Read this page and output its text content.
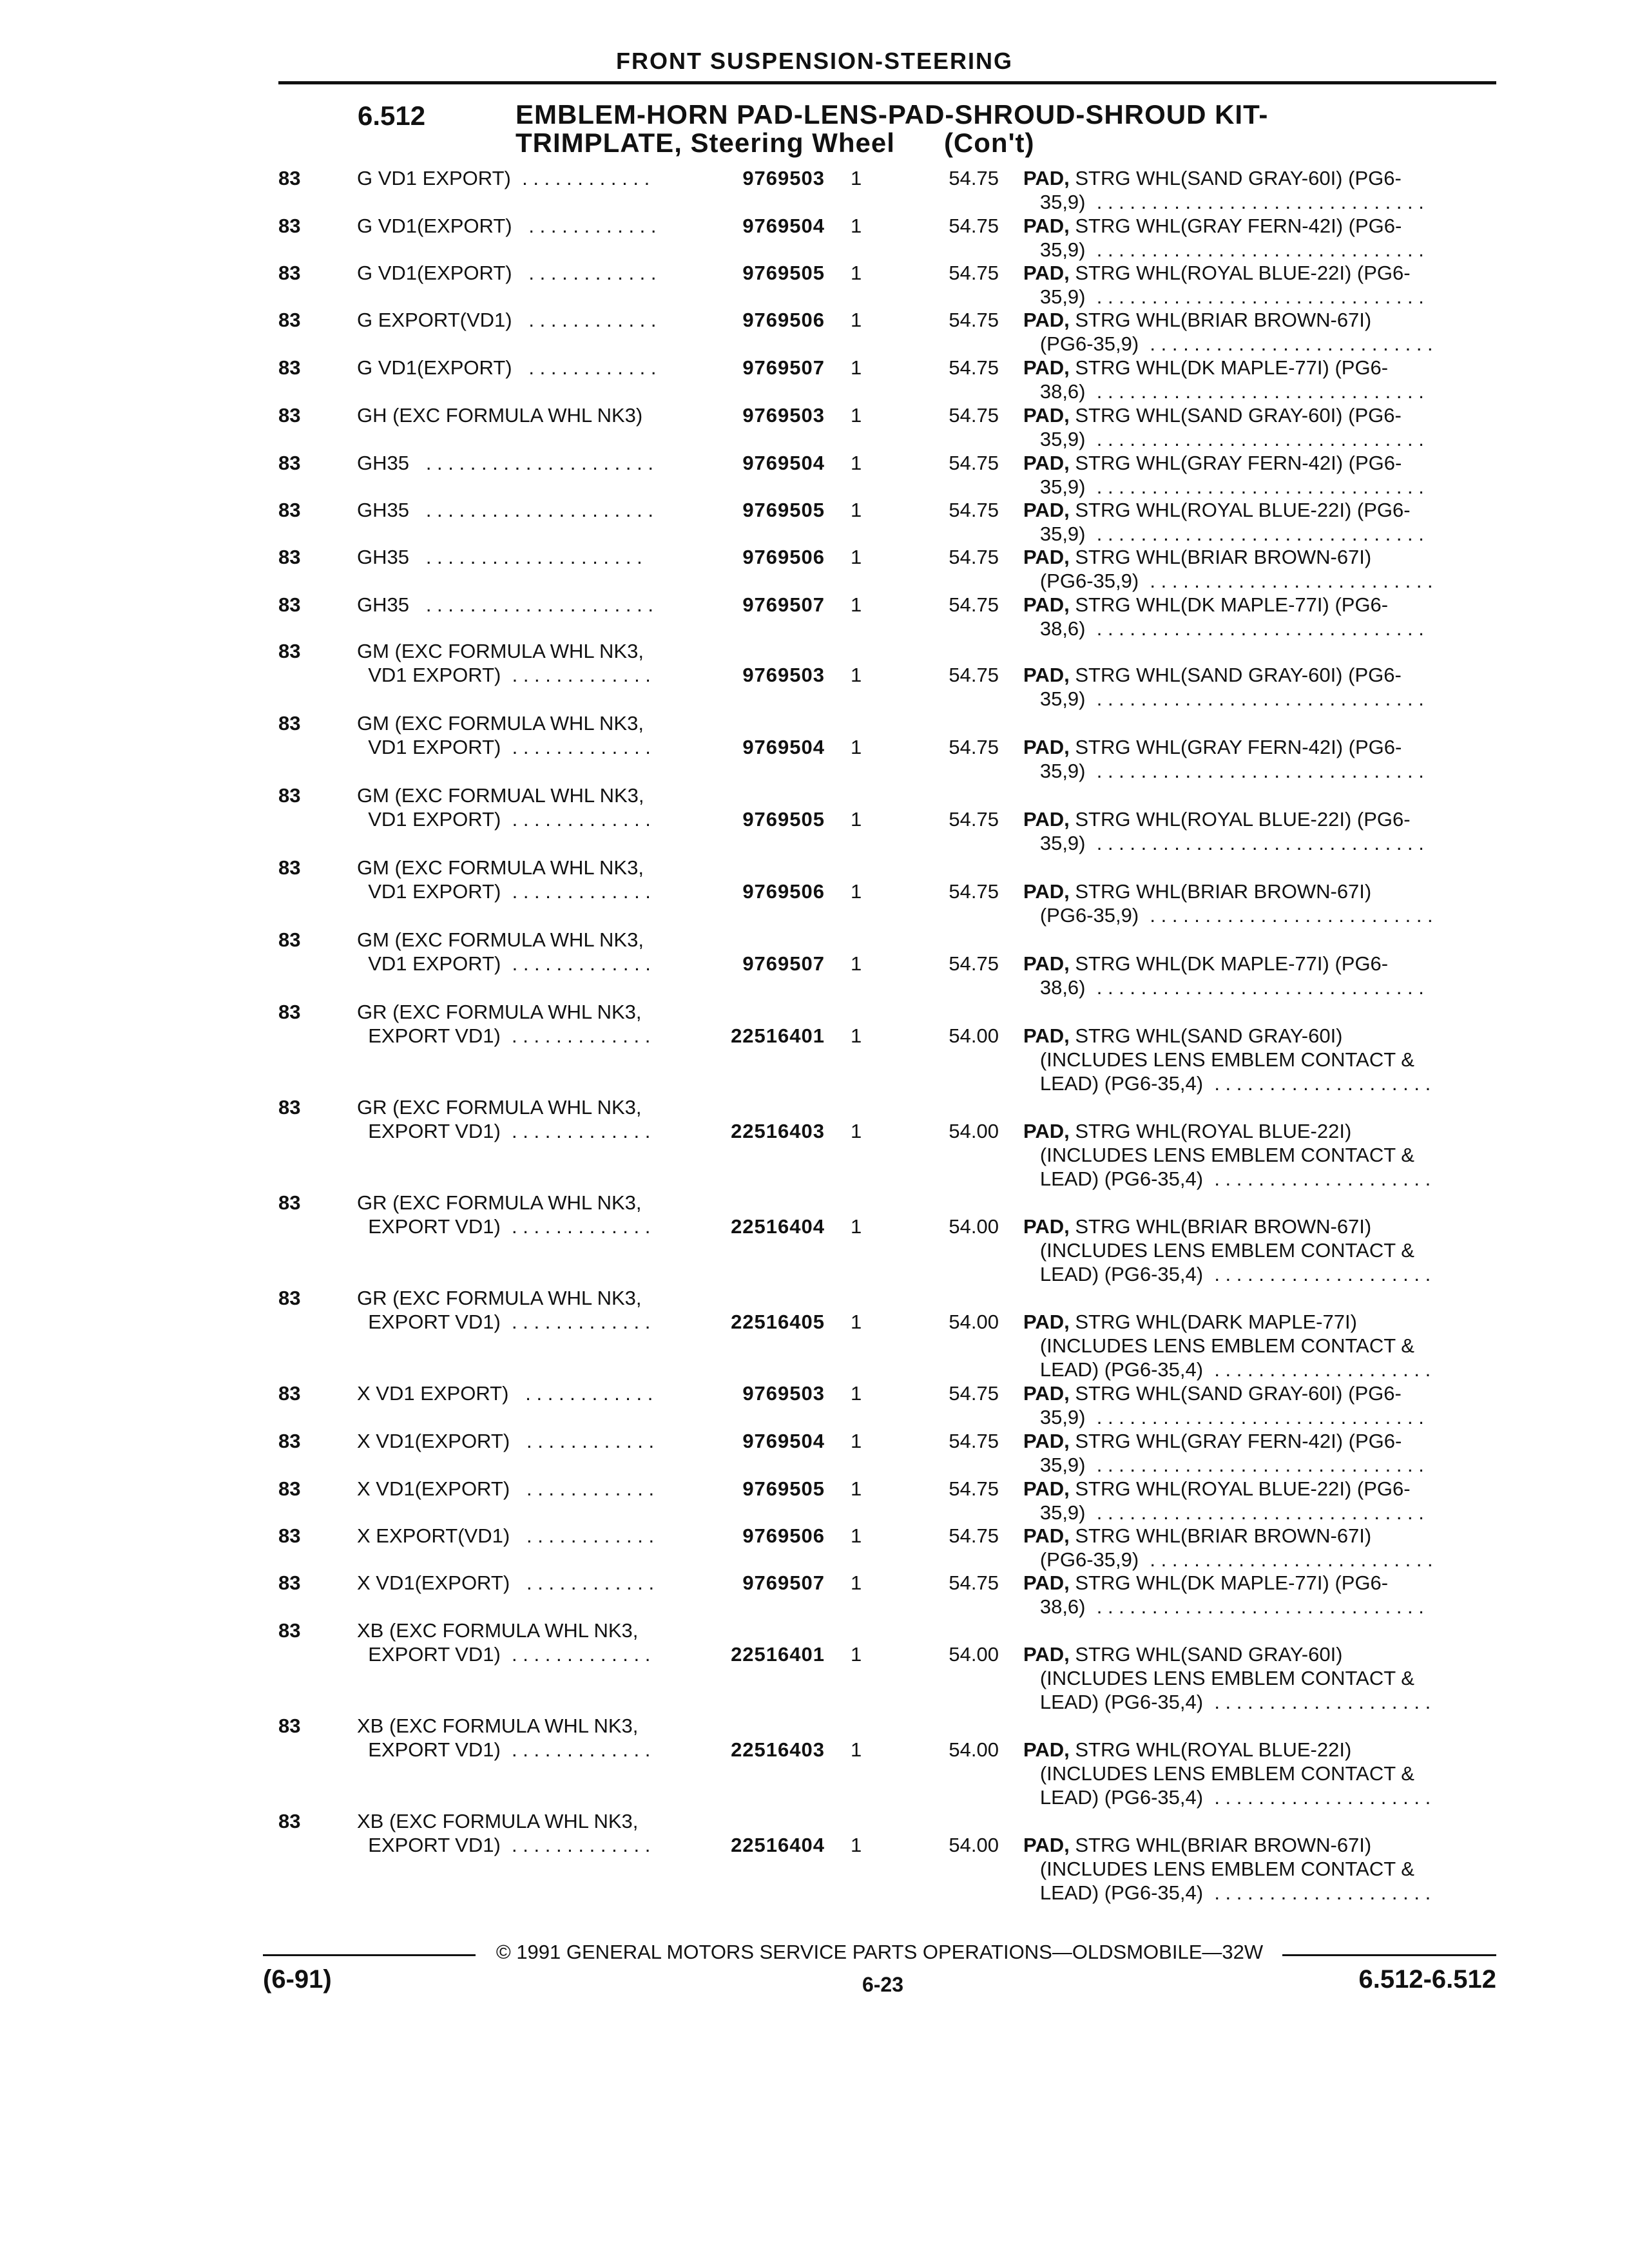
FRONT SUSPENSION-STEERING
6.512	EMBLEM-HORN PAD-LENS-PAD-SHROUD-SHROUD KIT-
TRIMPLATE, Steering Wheel      (Con't)
83	G VD1 EXPORT)  . . . . . . . . . . . .	9769503 1	54.75 PAD, STRG WHL(SAND GRAY-60I) (PG6-
35,9)  . . . . . . . . . . . . . . . . . . . . . . . . . . . . . .
83	G VD1(EXPORT)   . . . . . . . . . . . .	9769504 1	54.75 PAD, STRG WHL(GRAY FERN-42I) (PG6-
35,9)  . . . . . . . . . . . . . . . . . . . . . . . . . . . . . .
83	G VD1(EXPORT)   . . . . . . . . . . . .	9769505 1	54.75 PAD, STRG WHL(ROYAL BLUE-22I) (PG6-
35,9)  . . . . . . . . . . . . . . . . . . . . . . . . . . . . . .
83	G EXPORT(VD1)   . . . . . . . . . . . .	9769506 1	54.75 PAD, STRG WHL(BRIAR BROWN-67I)
(PG6-35,9)  . . . . . . . . . . . . . . . . . . . . . . . . . .
83	G VD1(EXPORT)   . . . . . . . . . . . .	9769507 1	54.75 PAD, STRG WHL(DK MAPLE-77I) (PG6-
38,6)  . . . . . . . . . . . . . . . . . . . . . . . . . . . . . .
83	GH (EXC FORMULA WHL NK3)	9769503 1	54.75 PAD, STRG WHL(SAND GRAY-60I) (PG6-
35,9)  . . . . . . . . . . . . . . . . . . . . . . . . . . . . . .
83	GH35   . . . . . . . . . . . . . . . . . . . . .	9769504 1	54.75 PAD, STRG WHL(GRAY FERN-42I) (PG6-
35,9)  . . . . . . . . . . . . . . . . . . . . . . . . . . . . . .
83	GH35   . . . . . . . . . . . . . . . . . . . . .	9769505 1	54.75 PAD, STRG WHL(ROYAL BLUE-22I) (PG6-
35,9)  . . . . . . . . . . . . . . . . . . . . . . . . . . . . . .
83	GH35   . . . . . . . . . . . . . . . . . . . .	9769506 1	54.75 PAD, STRG WHL(BRIAR BROWN-67I)
(PG6-35,9)  . . . . . . . . . . . . . . . . . . . . . . . . . .
83	GH35   . . . . . . . . . . . . . . . . . . . . .	9769507 1	54.75 PAD, STRG WHL(DK MAPLE-77I) (PG6-
38,6)  . . . . . . . . . . . . . . . . . . . . . . . . . . . . . .
83	GM (EXC FORMULA WHL NK3,
VD1 EXPORT)  . . . . . . . . . . . . .	9769503 1	54.75 PAD, STRG WHL(SAND GRAY-60I) (PG6-
35,9)  . . . . . . . . . . . . . . . . . . . . . . . . . . . . . .
83	GM (EXC FORMULA WHL NK3,
VD1 EXPORT)  . . . . . . . . . . . . .	9769504 1	54.75 PAD, STRG WHL(GRAY FERN-42I) (PG6-
35,9)  . . . . . . . . . . . . . . . . . . . . . . . . . . . . . .
83	GM (EXC FORMUAL WHL NK3,
VD1 EXPORT)  . . . . . . . . . . . . .	9769505 1	54.75 PAD, STRG WHL(ROYAL BLUE-22I) (PG6-
35,9)  . . . . . . . . . . . . . . . . . . . . . . . . . . . . . .
83	GM (EXC FORMULA WHL NK3,
VD1 EXPORT)  . . . . . . . . . . . . .	9769506 1	54.75 PAD, STRG WHL(BRIAR BROWN-67I)
(PG6-35,9)  . . . . . . . . . . . . . . . . . . . . . . . . . .
83	GM (EXC FORMULA WHL NK3,
VD1 EXPORT)  . . . . . . . . . . . . .	9769507 1	54.75 PAD, STRG WHL(DK MAPLE-77I) (PG6-
38,6)  . . . . . . . . . . . . . . . . . . . . . . . . . . . . . .
83	GR (EXC FORMULA WHL NK3,
EXPORT VD1)  . . . . . . . . . . . . .	22516401 1	54.00 PAD, STRG WHL(SAND GRAY-60I)
(INCLUDES LENS EMBLEM CONTACT &
LEAD) (PG6-35,4)  . . . . . . . . . . . . . . . . . . . .
83	GR (EXC FORMULA WHL NK3,
EXPORT VD1)  . . . . . . . . . . . . .	22516403 1	54.00 PAD, STRG WHL(ROYAL BLUE-22I)
(INCLUDES LENS EMBLEM CONTACT &
LEAD) (PG6-35,4)  . . . . . . . . . . . . . . . . . . . .
83	GR (EXC FORMULA WHL NK3,
EXPORT VD1)  . . . . . . . . . . . . .	22516404 1	54.00 PAD, STRG WHL(BRIAR BROWN-67I)
(INCLUDES LENS EMBLEM CONTACT &
LEAD) (PG6-35,4)  . . . . . . . . . . . . . . . . . . . .
83	GR (EXC FORMULA WHL NK3,
EXPORT VD1)  . . . . . . . . . . . . .	22516405 1	54.00 PAD, STRG WHL(DARK MAPLE-77I)
(INCLUDES LENS EMBLEM CONTACT &
LEAD) (PG6-35,4)  . . . . . . . . . . . . . . . . . . . .
83	X VD1 EXPORT)   . . . . . . . . . . . .	9769503 1	54.75 PAD, STRG WHL(SAND GRAY-60I) (PG6-
35,9)  . . . . . . . . . . . . . . . . . . . . . . . . . . . . . .
83	X VD1(EXPORT)   . . . . . . . . . . . .	9769504 1	54.75 PAD, STRG WHL(GRAY FERN-42I) (PG6-
35,9)  . . . . . . . . . . . . . . . . . . . . . . . . . . . . . .
83	X VD1(EXPORT)   . . . . . . . . . . . .	9769505 1	54.75 PAD, STRG WHL(ROYAL BLUE-22I) (PG6-
35,9)  . . . . . . . . . . . . . . . . . . . . . . . . . . . . . .
83	X EXPORT(VD1)   . . . . . . . . . . . .	9769506 1	54.75 PAD, STRG WHL(BRIAR BROWN-67I)
(PG6-35,9)  . . . . . . . . . . . . . . . . . . . . . . . . . .
83	X VD1(EXPORT)   . . . . . . . . . . . .	9769507 1	54.75 PAD, STRG WHL(DK MAPLE-77I) (PG6-
38,6)  . . . . . . . . . . . . . . . . . . . . . . . . . . . . . .
83	XB (EXC FORMULA WHL NK3,
EXPORT VD1)  . . . . . . . . . . . . .	22516401 1	54.00 PAD, STRG WHL(SAND GRAY-60I)
(INCLUDES LENS EMBLEM CONTACT &
LEAD) (PG6-35,4)  . . . . . . . . . . . . . . . . . . . .
83	XB (EXC FORMULA WHL NK3,
EXPORT VD1)  . . . . . . . . . . . . .	22516403 1	54.00 PAD, STRG WHL(ROYAL BLUE-22I)
(INCLUDES LENS EMBLEM CONTACT &
LEAD) (PG6-35,4)  . . . . . . . . . . . . . . . . . . . .
83	XB (EXC FORMULA WHL NK3,
EXPORT VD1)  . . . . . . . . . . . . .	22516404 1	54.00 PAD, STRG WHL(BRIAR BROWN-67I)
(INCLUDES LENS EMBLEM CONTACT &
LEAD) (PG6-35,4)  . . . . . . . . . . . . . . . . . . . .
© 1991 GENERAL MOTORS SERVICE PARTS OPERATIONS—OLDSMOBILE—32W
(6-91)	6-23	6.512-6.512
